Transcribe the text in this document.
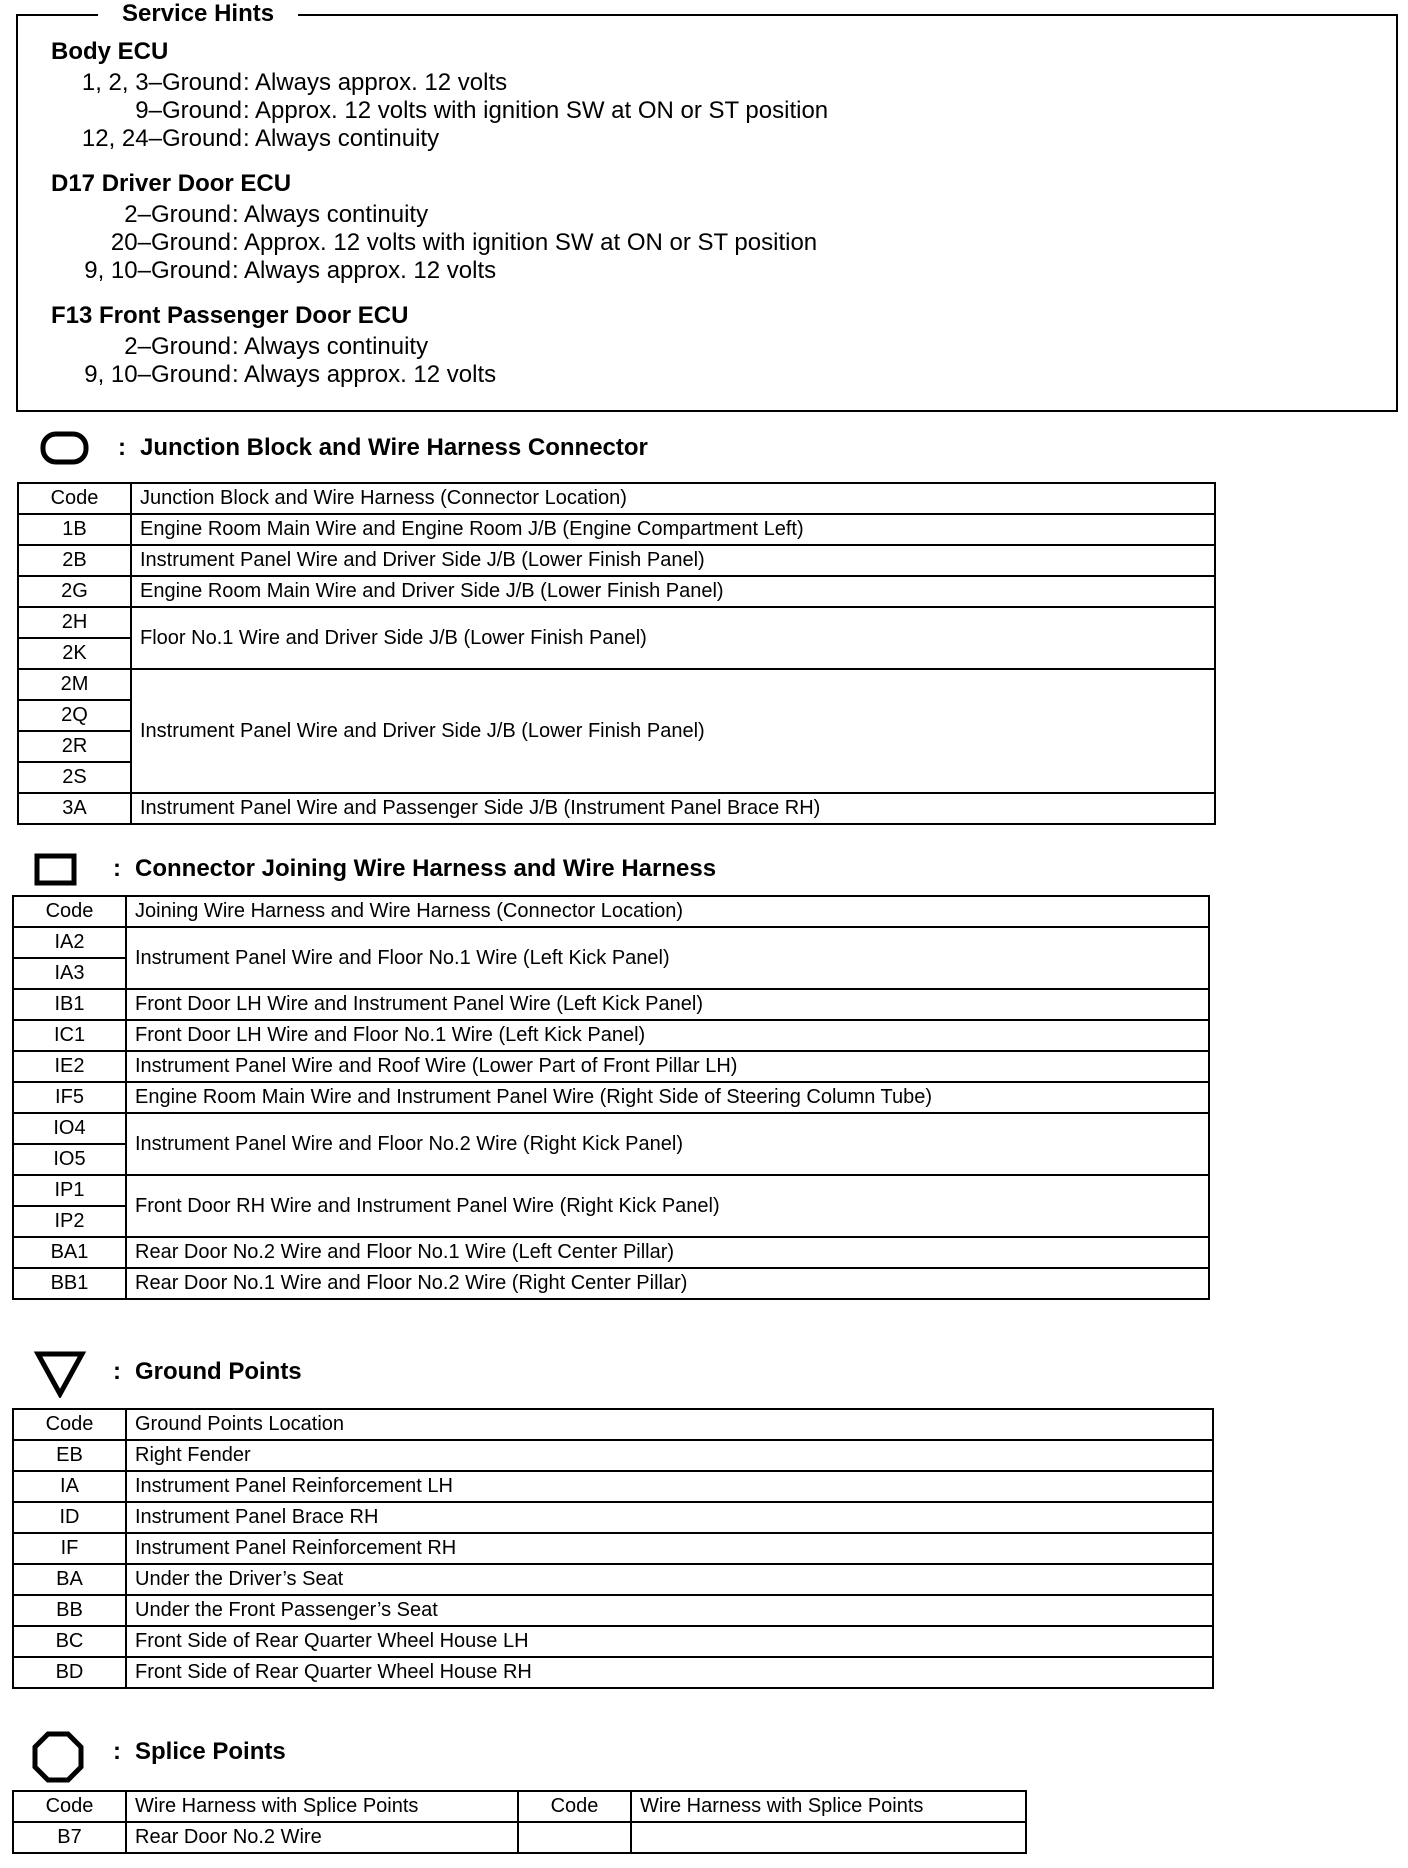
Service Hints
Body ECU
1, 2, 3–Ground : Always approx. 12 volts
9–Ground : Approx. 12 volts with ignition SW at ON or ST position
12, 24–Ground : Always continuity
D17 Driver Door ECU
2–Ground : Always continuity
20–Ground : Approx. 12 volts with ignition SW at ON or ST position
9, 10–Ground : Always approx. 12 volts
F13 Front Passenger Door ECU
2–Ground : Always continuity
9, 10–Ground : Always approx. 12 volts
: Junction Block and Wire Harness Connector
Code	Junction Block and Wire Harness (Connector Location)
1B	Engine Room Main Wire and Engine Room J/B (Engine Compartment Left)
2B	Instrument Panel Wire and Driver Side J/B (Lower Finish Panel)
2G	Engine Room Main Wire and Driver Side J/B (Lower Finish Panel)
2H	Floor No.1 Wire and Driver Side J/B (Lower Finish Panel)
2K	
2M	Instrument Panel Wire and Driver Side J/B (Lower Finish Panel)
2Q	
2R	
2S	
3A	Instrument Panel Wire and Passenger Side J/B (Instrument Panel Brace RH)
: Connector Joining Wire Harness and Wire Harness
Code	Joining Wire Harness and Wire Harness (Connector Location)
IA2	Instrument Panel Wire and Floor No.1 Wire (Left Kick Panel)
IA3	
IB1	Front Door LH Wire and Instrument Panel Wire (Left Kick Panel)
IC1	Front Door LH Wire and Floor No.1 Wire (Left Kick Panel)
IE2	Instrument Panel Wire and Roof Wire (Lower Part of Front Pillar LH)
IF5	Engine Room Main Wire and Instrument Panel Wire (Right Side of Steering Column Tube)
IO4	Instrument Panel Wire and Floor No.2 Wire (Right Kick Panel)
IO5	
IP1	Front Door RH Wire and Instrument Panel Wire (Right Kick Panel)
IP2	
BA1	Rear Door No.2 Wire and Floor No.1 Wire (Left Center Pillar)
BB1	Rear Door No.1 Wire and Floor No.2 Wire (Right Center Pillar)
: Ground Points
Code	Ground Points Location
EB	Right Fender
IA	Instrument Panel Reinforcement LH
ID	Instrument Panel Brace RH
IF	Instrument Panel Reinforcement RH
BA	Under the Driver’s Seat
BB	Under the Front Passenger’s Seat
BC	Front Side of Rear Quarter Wheel House LH
BD	Front Side of Rear Quarter Wheel House RH
: Splice Points
Code	Wire Harness with Splice Points	Code	Wire Harness with Splice Points
B7	Rear Door No.2 Wire		
